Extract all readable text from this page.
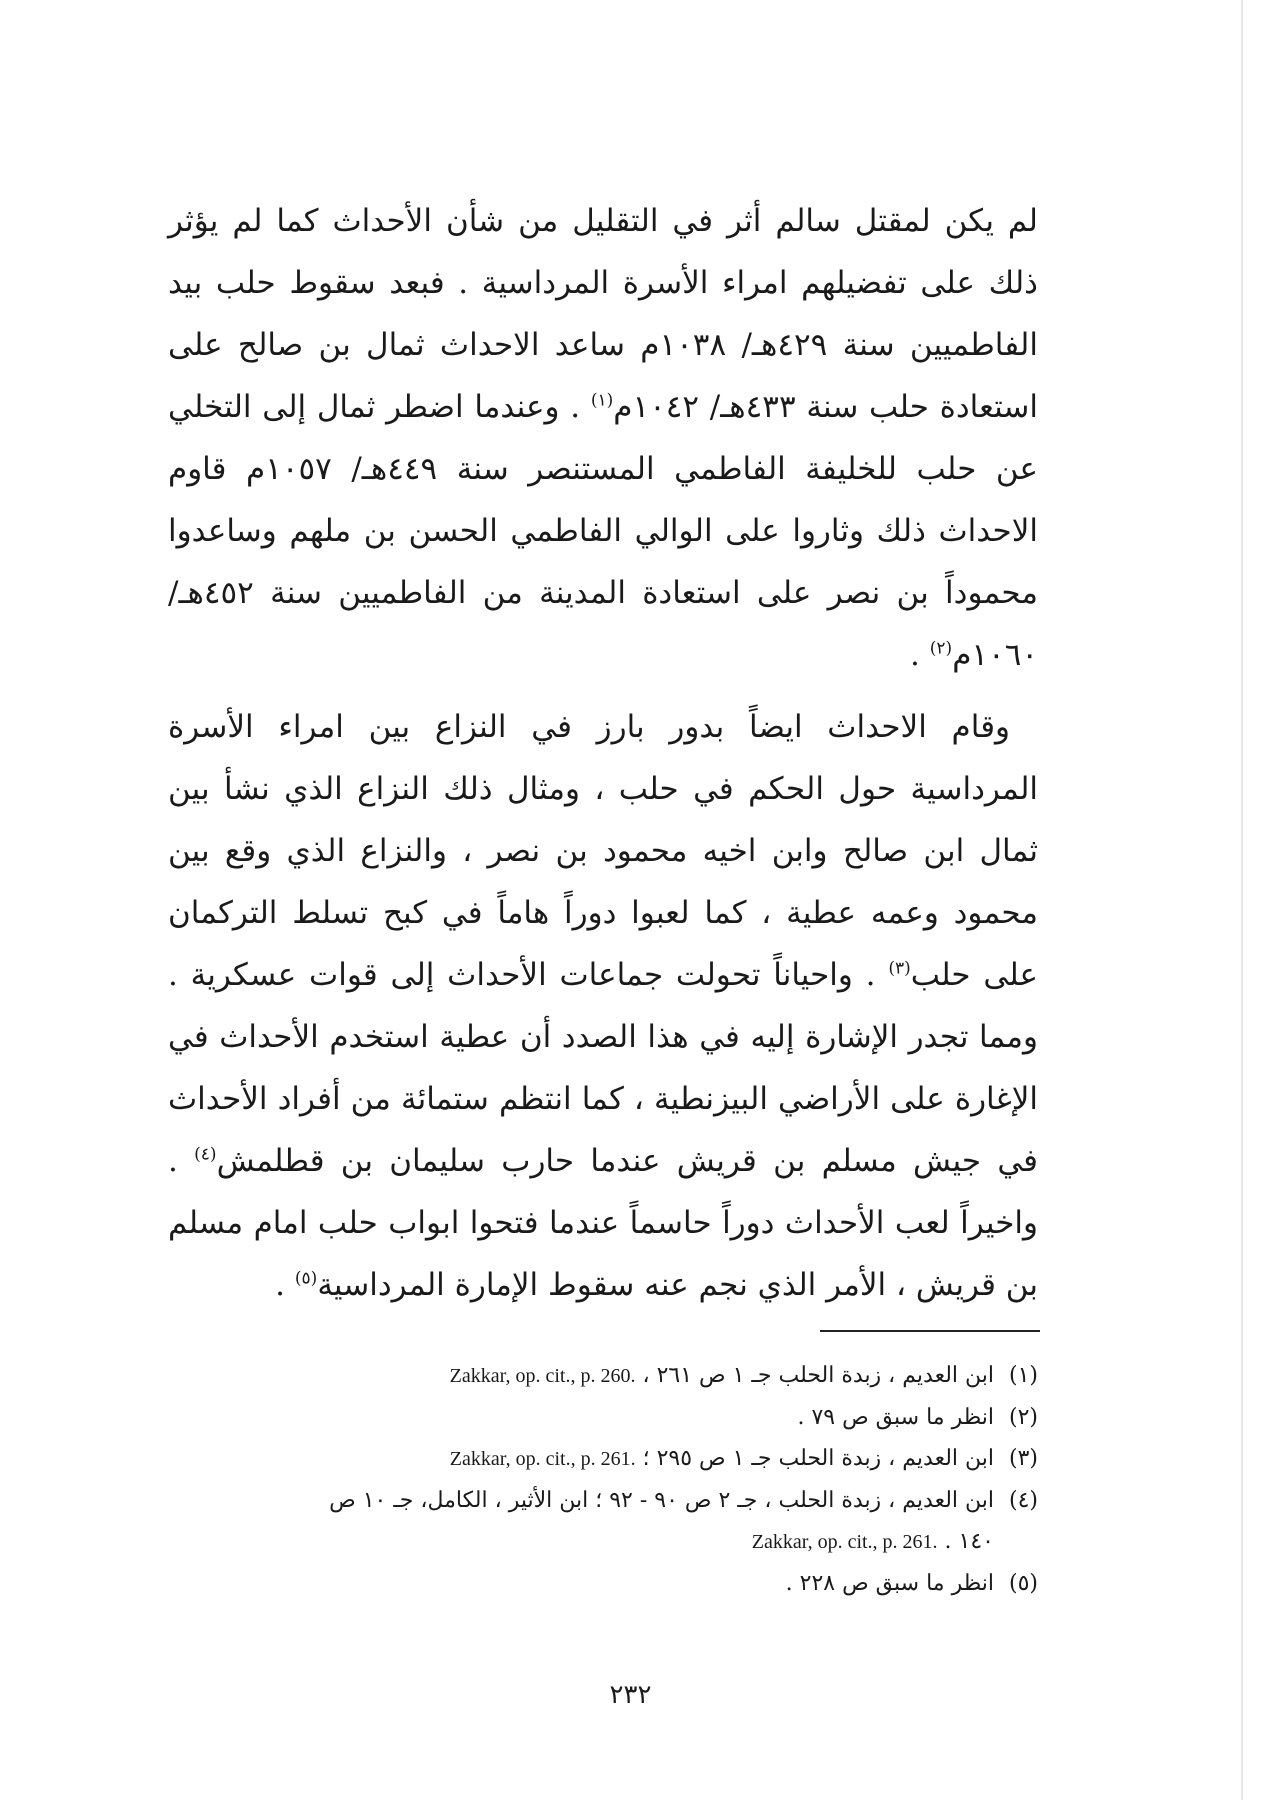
لم يكن لمقتل سالم أثر في التقليل من شأن الأحداث كما لم يؤثر ذلك على تفضيلهم امراء الأسرة المرداسية . فبعد سقوط حلب بيد الفاطميين سنة ٤٢٩هـ/ ١٠٣٨م ساعد الاحداث ثمال بن صالح على استعادة حلب سنة ٤٣٣هـ/ ١٠٤٢م$^{(١)}$ . وعندما اضطر ثمال إلى التخلي عن حلب للخليفة الفاطمي المستنصر سنة ٤٤٩هـ/ ١٠٥٧م قاوم الاحداث ذلك وثاروا على الوالي الفاطمي الحسن بن ملهم وساعدوا محموداً بن نصر على استعادة المدينة من الفاطميين سنة ٤٥٢هـ/ ١٠٦٠م$^{(٢)}$ .

وقام الاحداث ايضاً بدور بارز في النزاع بين امراء الأسرة المرداسية حول الحكم في حلب ، ومثال ذلك النزاع الذي نشأ بين ثمال ابن صالح وابن اخيه محمود بن نصر ، والنزاع الذي وقع بين محمود وعمه عطية ، كما لعبوا دوراً هاماً في كبح تسلط التركمان على حلب$^{(٣)}$ . واحياناً تحولت جماعات الأحداث إلى قوات عسكرية . ومما تجدر الإشارة إليه في هذا الصدد أن عطية استخدم الأحداث في الإغارة على الأراضي البيزنطية ، كما انتظم ستمائة من أفراد الأحداث في جيش مسلم بن قريش عندما حارب سليمان بن قطلمش$^{(٤)}$ . واخيراً لعب الأحداث دوراً حاسماً عندما فتحوا ابواب حلب امام مسلم بن قريش ، الأمر الذي نجم عنه سقوط الإمارة المرداسية$^{(٥)}$ .

(١)
ابن العديم ، زبدة الحلب جـ ١ ص ٢٦١ ، Zakkar, op. cit., p. 260.
(٢)
انظر ما سبق ص ٧٩ .
(٣)
ابن العديم ، زبدة الحلب جـ ١ ص ٢٩٥ ؛ Zakkar, op. cit., p. 261.
(٤)
ابن العديم ، زبدة الحلب ، جـ ٢ ص ٩٠ - ٩٢ ؛ ابن الأثير ، الكامل، جـ ١٠ ص
١٤٠ . Zakkar, op. cit., p. 261.
(٥)
انظر ما سبق ص ٢٢٨ .
٢٣٢
